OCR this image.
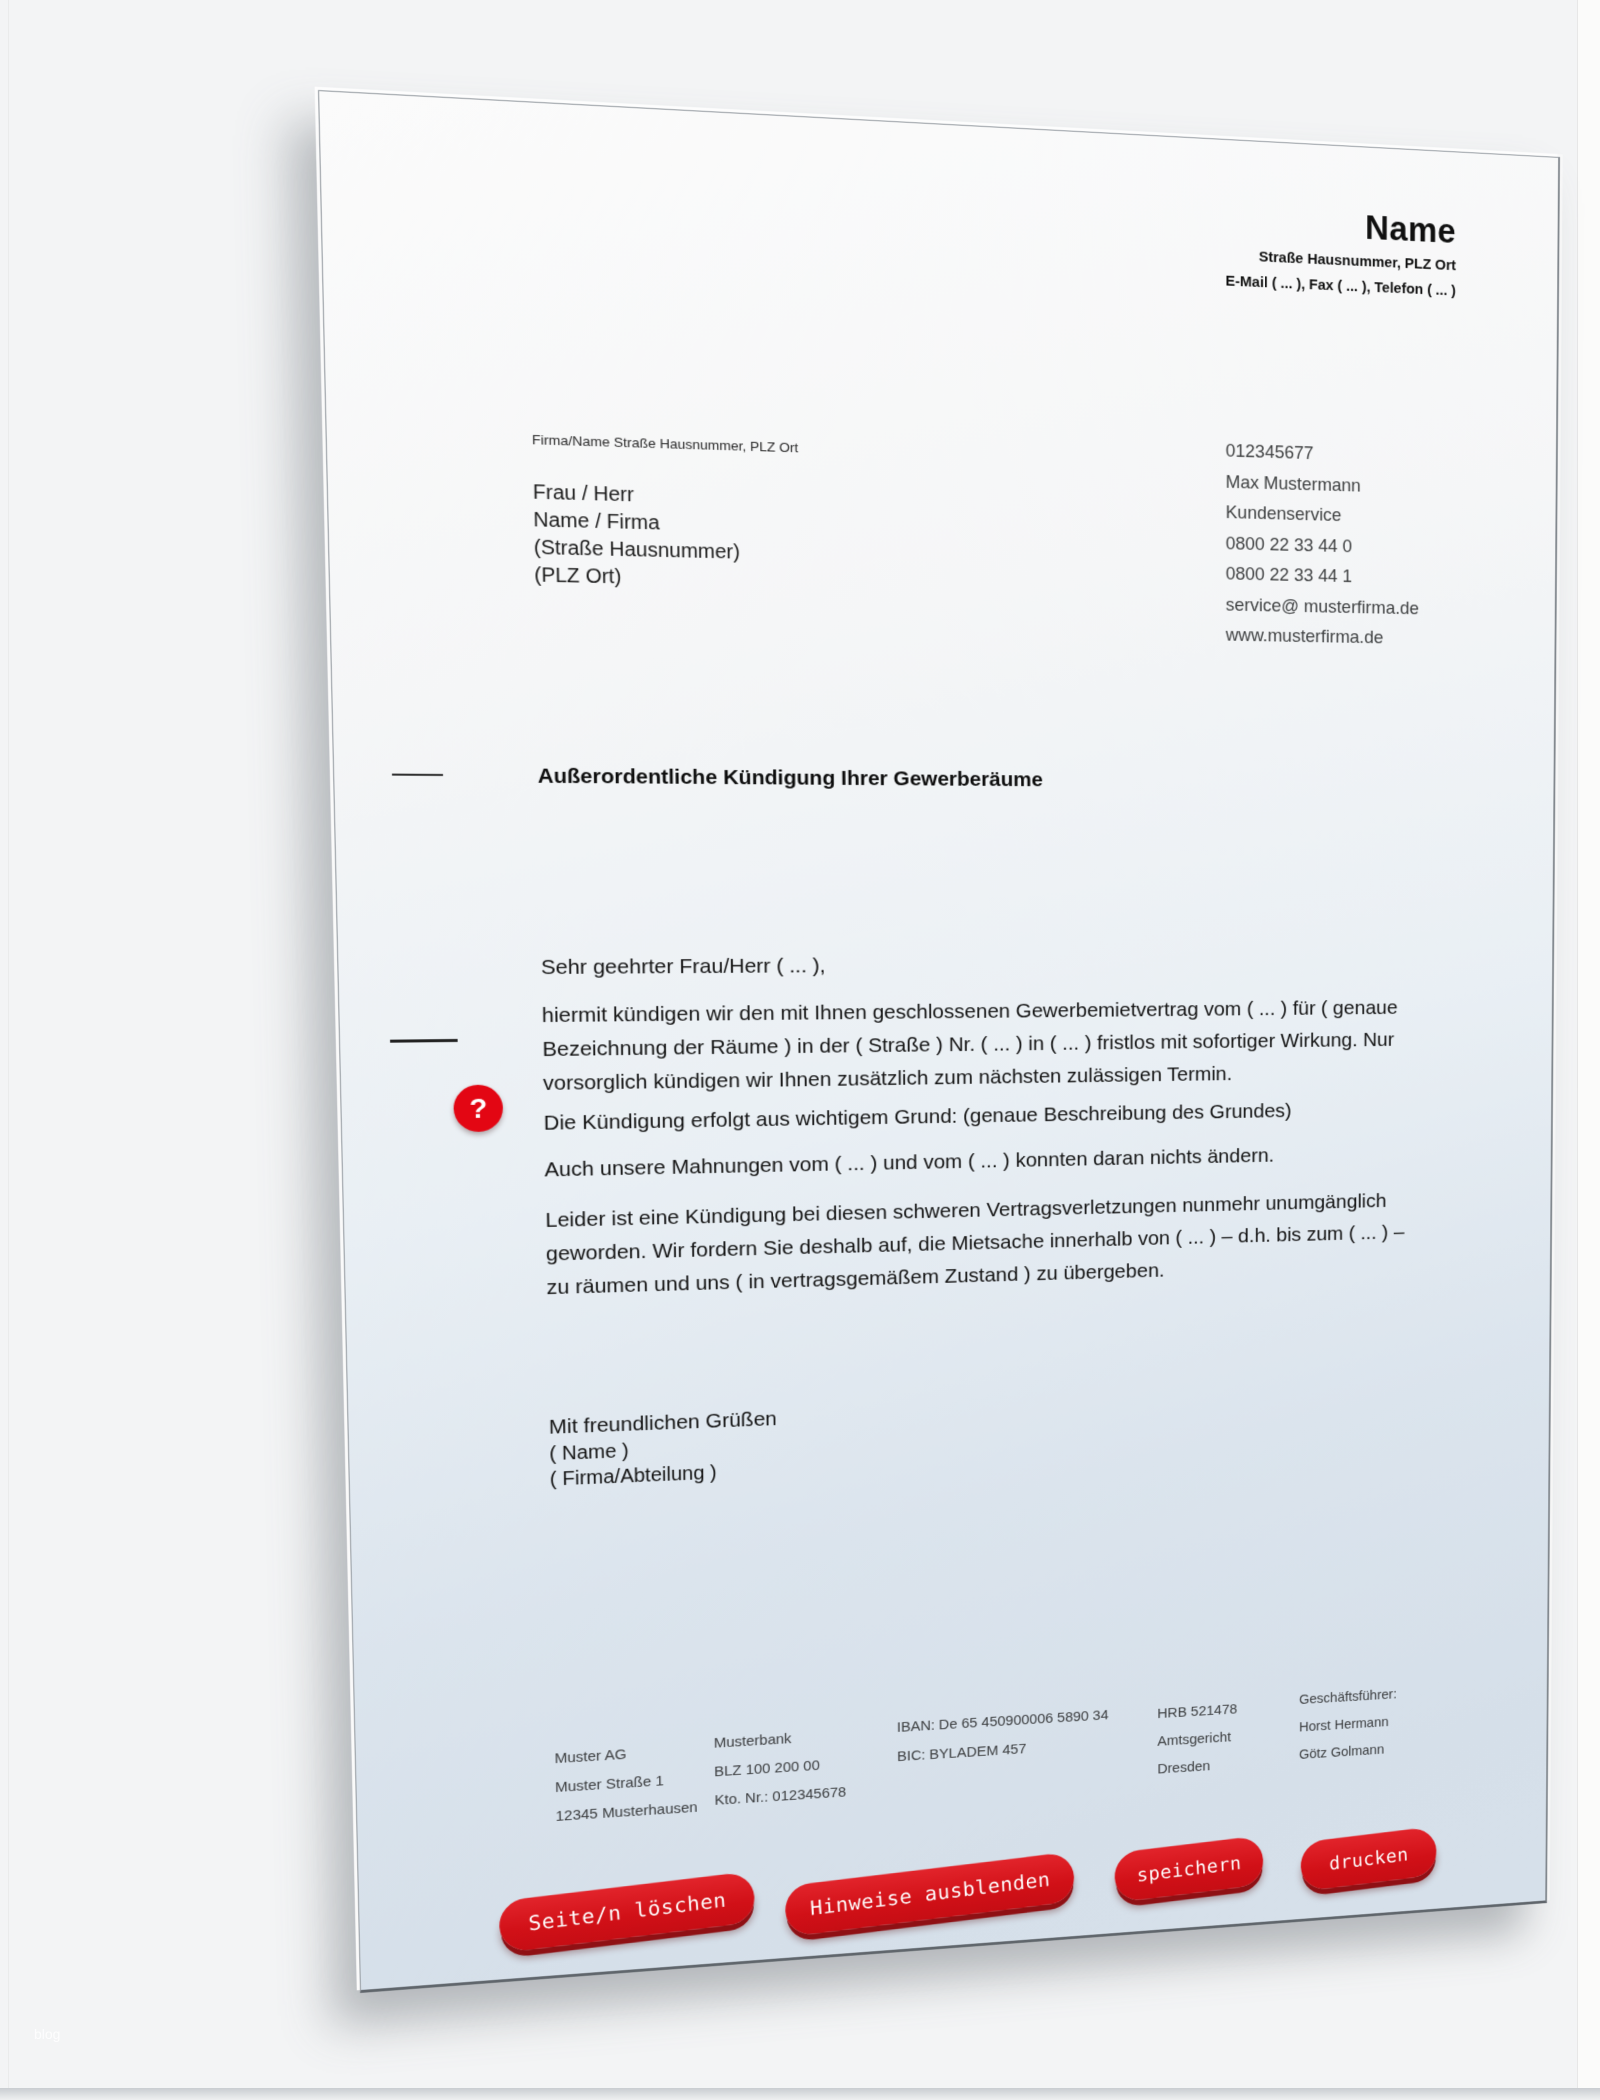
blog
Name
Straße Hausnummer, PLZ Ort
E-Mail ( ... ), Fax ( ... ), Telefon ( ... )
Firma/Name Straße Hausnummer, PLZ Ort
Frau / Herr
Name / Firma
(Straße Hausnummer)
(PLZ Ort)
012345677
Max Mustermann
Kundenservice
0800 22 33 44 0
0800 22 33 44 1
service@ musterfirma.de
www.musterfirma.de
Außerordentliche Kündigung Ihrer Gewerberäume
Sehr geehrter Frau/Herr ( ... ),
hiermit kündigen wir den mit Ihnen geschlossenen Gewerbemietvertrag vom ( ... ) für ( genaue Bezeichnung der Räume ) in der ( Straße ) Nr. ( ... ) in ( ... ) fristlos mit sofortiger Wirkung. Nur vorsorglich kündigen wir Ihnen zusätzlich zum nächsten zulässigen Termin.
Die Kündigung erfolgt aus wichtigem Grund: (genaue Beschreibung des Grundes)
Auch unsere Mahnungen vom ( ... ) und vom ( ... ) konnten daran nichts ändern.
Leider ist eine Kündigung bei diesen schweren Vertragsverletzungen nunmehr unumgänglich geworden. Wir fordern Sie deshalb auf, die Mietsache innerhalb von ( ... ) – d.h. bis zum ( ... ) – zu räumen und uns ( in vertragsgemäßem Zustand ) zu übergeben.
Mit freundlichen Grüßen
( Name )
( Firma/Abteilung )
?
Muster AG
Muster Straße 1
12345 Musterhausen
Musterbank
BLZ 100 200 00
Kto. Nr.: 012345678
IBAN: De 65 450900006 5890 34
BIC: BYLADEM 457
HRB 521478
Amtsgericht
Dresden
Geschäftsführer:
Horst Hermann
Götz Golmann
Seite/n löschen	Hinweise ausblenden	speichern	drucken
